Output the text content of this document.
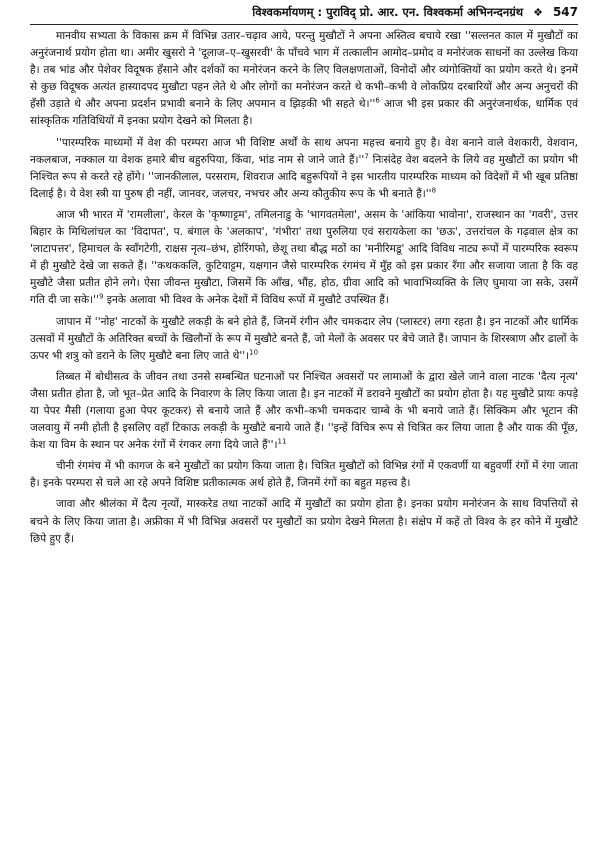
विश्वकर्मायणम् : पुराविद् प्रो. आर. एन. विश्वकर्मा अभिनन्दनग्रंथ ❖ 547

मानवीय सभ्यता के विकास क्रम में विभिन्न उतार–चढ़ाव आये, परन्तु मुखौटों ने अपना अस्तित्व बचाये रखा ''सल्तनत काल में मुखौटों का अनुरंजनार्थ प्रयोग होता था। अमीर खुसरो ने 'दूलाज–ए–खुसरवी' के पाँचवे भाग में तत्कालीन आमोद–प्रमोद व मनोरंजक साधनों का उल्लेख किया है। तब भांड और पेशेवर विदूषक हँसाने और दर्शकों का मनोरंजन करने के लिए विलक्षणताओं, विनोदों और व्यंगोक्तियों का प्रयोग करते थे। इनमें से कुछ विदूषक अत्यंत हास्यादपद मुखौटा पहन लेते थे और लोगों का मनोरंजन करते थे कभी–कभी वे लोकप्रिय दरबारियों और अन्य अनुचरों की हँसी उड़ाते थे और अपना प्रदर्शन प्रभावी बनाने के लिए अपमान व झिड़की भी सहते थे।''$^6$ आज भी इस प्रकार की अनुरंजनार्थक, धार्मिक एवं सांस्कृतिक गतिविधियों में इनका प्रयोग देखने को मिलता है।

''पारम्परिक माध्यमों में वेश की परम्परा आज भी विशिष्ट अर्थों के साथ अपना महत्त्व बनाये हुए है। वेश बनाने वाले वेशकारी, वेशवान, नकलबाज, नक्काल या वेशक हमारे बीच बहुरुपिया, किंवा, भांड नाम से जाने जाते हैं।''$^7$ निःसंदेह वेश बदलने के लिये वह मुखौटों का प्रयोग भी निश्चित रूप से करते रहे होंगे। ''जानकीलाल, परसराम, शिवराज आदि बहुरूपियों ने इस भारतीय पारम्परिक माध्यम को विदेशों में भी खूब प्रतिष्ठा दिलाई है। ये वेश स्त्री या पुरुष ही नहीं, जानवर, जलचर, नभचर और अन्य कौतुकीय रूप के भी बनाते हैं।''$^8$

आज भी भारत में 'रामलीला', केरल के 'कृष्णाट्टम', तमिलनाडु के 'भागवतमेला', असम के 'आंकिया भावोना', राजस्थान का 'गवरी', उत्तर बिहार के मिथिलांचल का 'विदापत', प. बंगाल के 'अलकाप', 'गंभीरा' तथा पुरुलिया एवं सरायकेला का 'छऊ', उत्तरांचल के गढ़वाल क्षेत्र का 'लाटापत्तर', हिमाचल के स्वाँगटेगी, राक्षस नृत्य–छंभ, होरिंगफो, छेशू तथा बौद्ध मठों का 'मनीरिमडू' आदि विविध नाट्य रूपों में पारम्परिक स्वरूप में ही मुखौटे देखे जा सकते हैं। ''कथककलि, कुटियाट्टम, यक्षगान जैसे पारम्परिक रंगमंच में मुँह को इस प्रकार रँगा और सजाया जाता है कि वह मुखौटे जैसा प्रतीत होने लगे। ऐसा जीवन्त मुखौटा, जिसमें कि आँख, भौंह, होठ, ग्रीवा आदि को भावाभिव्यक्ति के लिए घुमाया जा सके, उसमें गति दी जा सके।''$^9$ इनके अलावा भी विश्व के अनेक देशों में विविध रूपों में मुखौटे उपस्थित हैं।

जापान में ''नोह' नाटकों के मुखौटे लकड़ी के बने होते हैं, जिनमें रंगीन और चमकदार लेप (प्लास्टर) लगा रहता है। इन नाटकों और धार्मिक उत्सवों में मुखौटों के अतिरिक्त बच्चों के खिलौनों के रूप में मुखौटे बनते हैं, जो मेलों के अवसर पर बेचे जाते हैं। जापान के शिरस्त्राण और ढालों के ऊपर भी शत्रु को डराने के लिए मुखौटे बना लिए जाते थे''।$^{10}$

तिब्बत में बोधीसत्व के जीवन तथा उनसे सम्बन्धित घटनाओं पर निश्चित अवसरों पर लामाओं के द्वारा खेले जाने वाला नाटक 'दैत्य नृत्य' जैसा प्रतीत होता है, जो भूत–प्रेत आदि के निवारण के लिए किया जाता है। इन नाटकों में डरावने मुखौटों का प्रयोग होता है। यह मुखौटे प्रायः कपड़े या पेपर मैसी (गलाया हुआ पेपर कूटकर) से बनाये जाते हैं और कभी–कभी चमकदार चाम्बे के भी बनाये जाते हैं। सिक्किम और भूटान की जलवायु में नमी होती है इसलिए वहाँ टिकाऊ लकड़ी के मुखौटे बनाये जाते हैं। ''इन्हें विचित्र रूप से चित्रित कर लिया जाता है और याक की पूँछ, केश या विम के स्थान पर अनेक रंगों में रंगकर लगा दिये जाते हैं''।$^{11}$

चीनी रंगमंच में भी कागज के बने मुखौटों का प्रयोग किया जाता है। चित्रित मुखौटों को विभिन्न रंगों में एकवर्णी या बहुवर्णी रंगों में रंगा जाता है। इनके परम्परा से चले आ रहे अपने विशिष्ट प्रतीकात्मक अर्थ होते हैं, जिनमें रंगों का बहुत महत्त्व है।

जावा और श्रीलंका में दैत्य नृत्यों, मास्करेड तथा नाटकों आदि में मुखौटों का प्रयोग होता है। इनका प्रयोग मनोरंजन के साथ विपत्तियों से बचने के लिए किया जाता है। अफ्रीका में भी विभिन्न अवसरों पर मुखौटों का प्रयोग देखने मिलता है। संक्षेप में कहें तो विश्व के हर कोने में मुखौटे छिपे हुए हैं।
